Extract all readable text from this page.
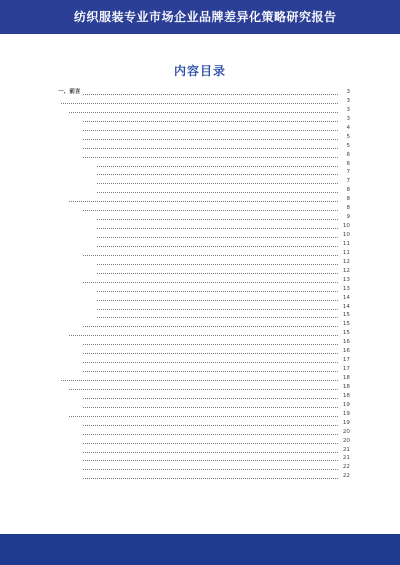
纺织服装专业市场企业品牌差异化策略研究报告
内容目录
一、前言	3
3
3
3
4
5
5
6
6
7
7
8
8
8
9
10
10
11
11
12
12
13
13
14
14
15
15
15
16
16
17
17
18
18
18
19
19
19
20
20
21
21
22
22
